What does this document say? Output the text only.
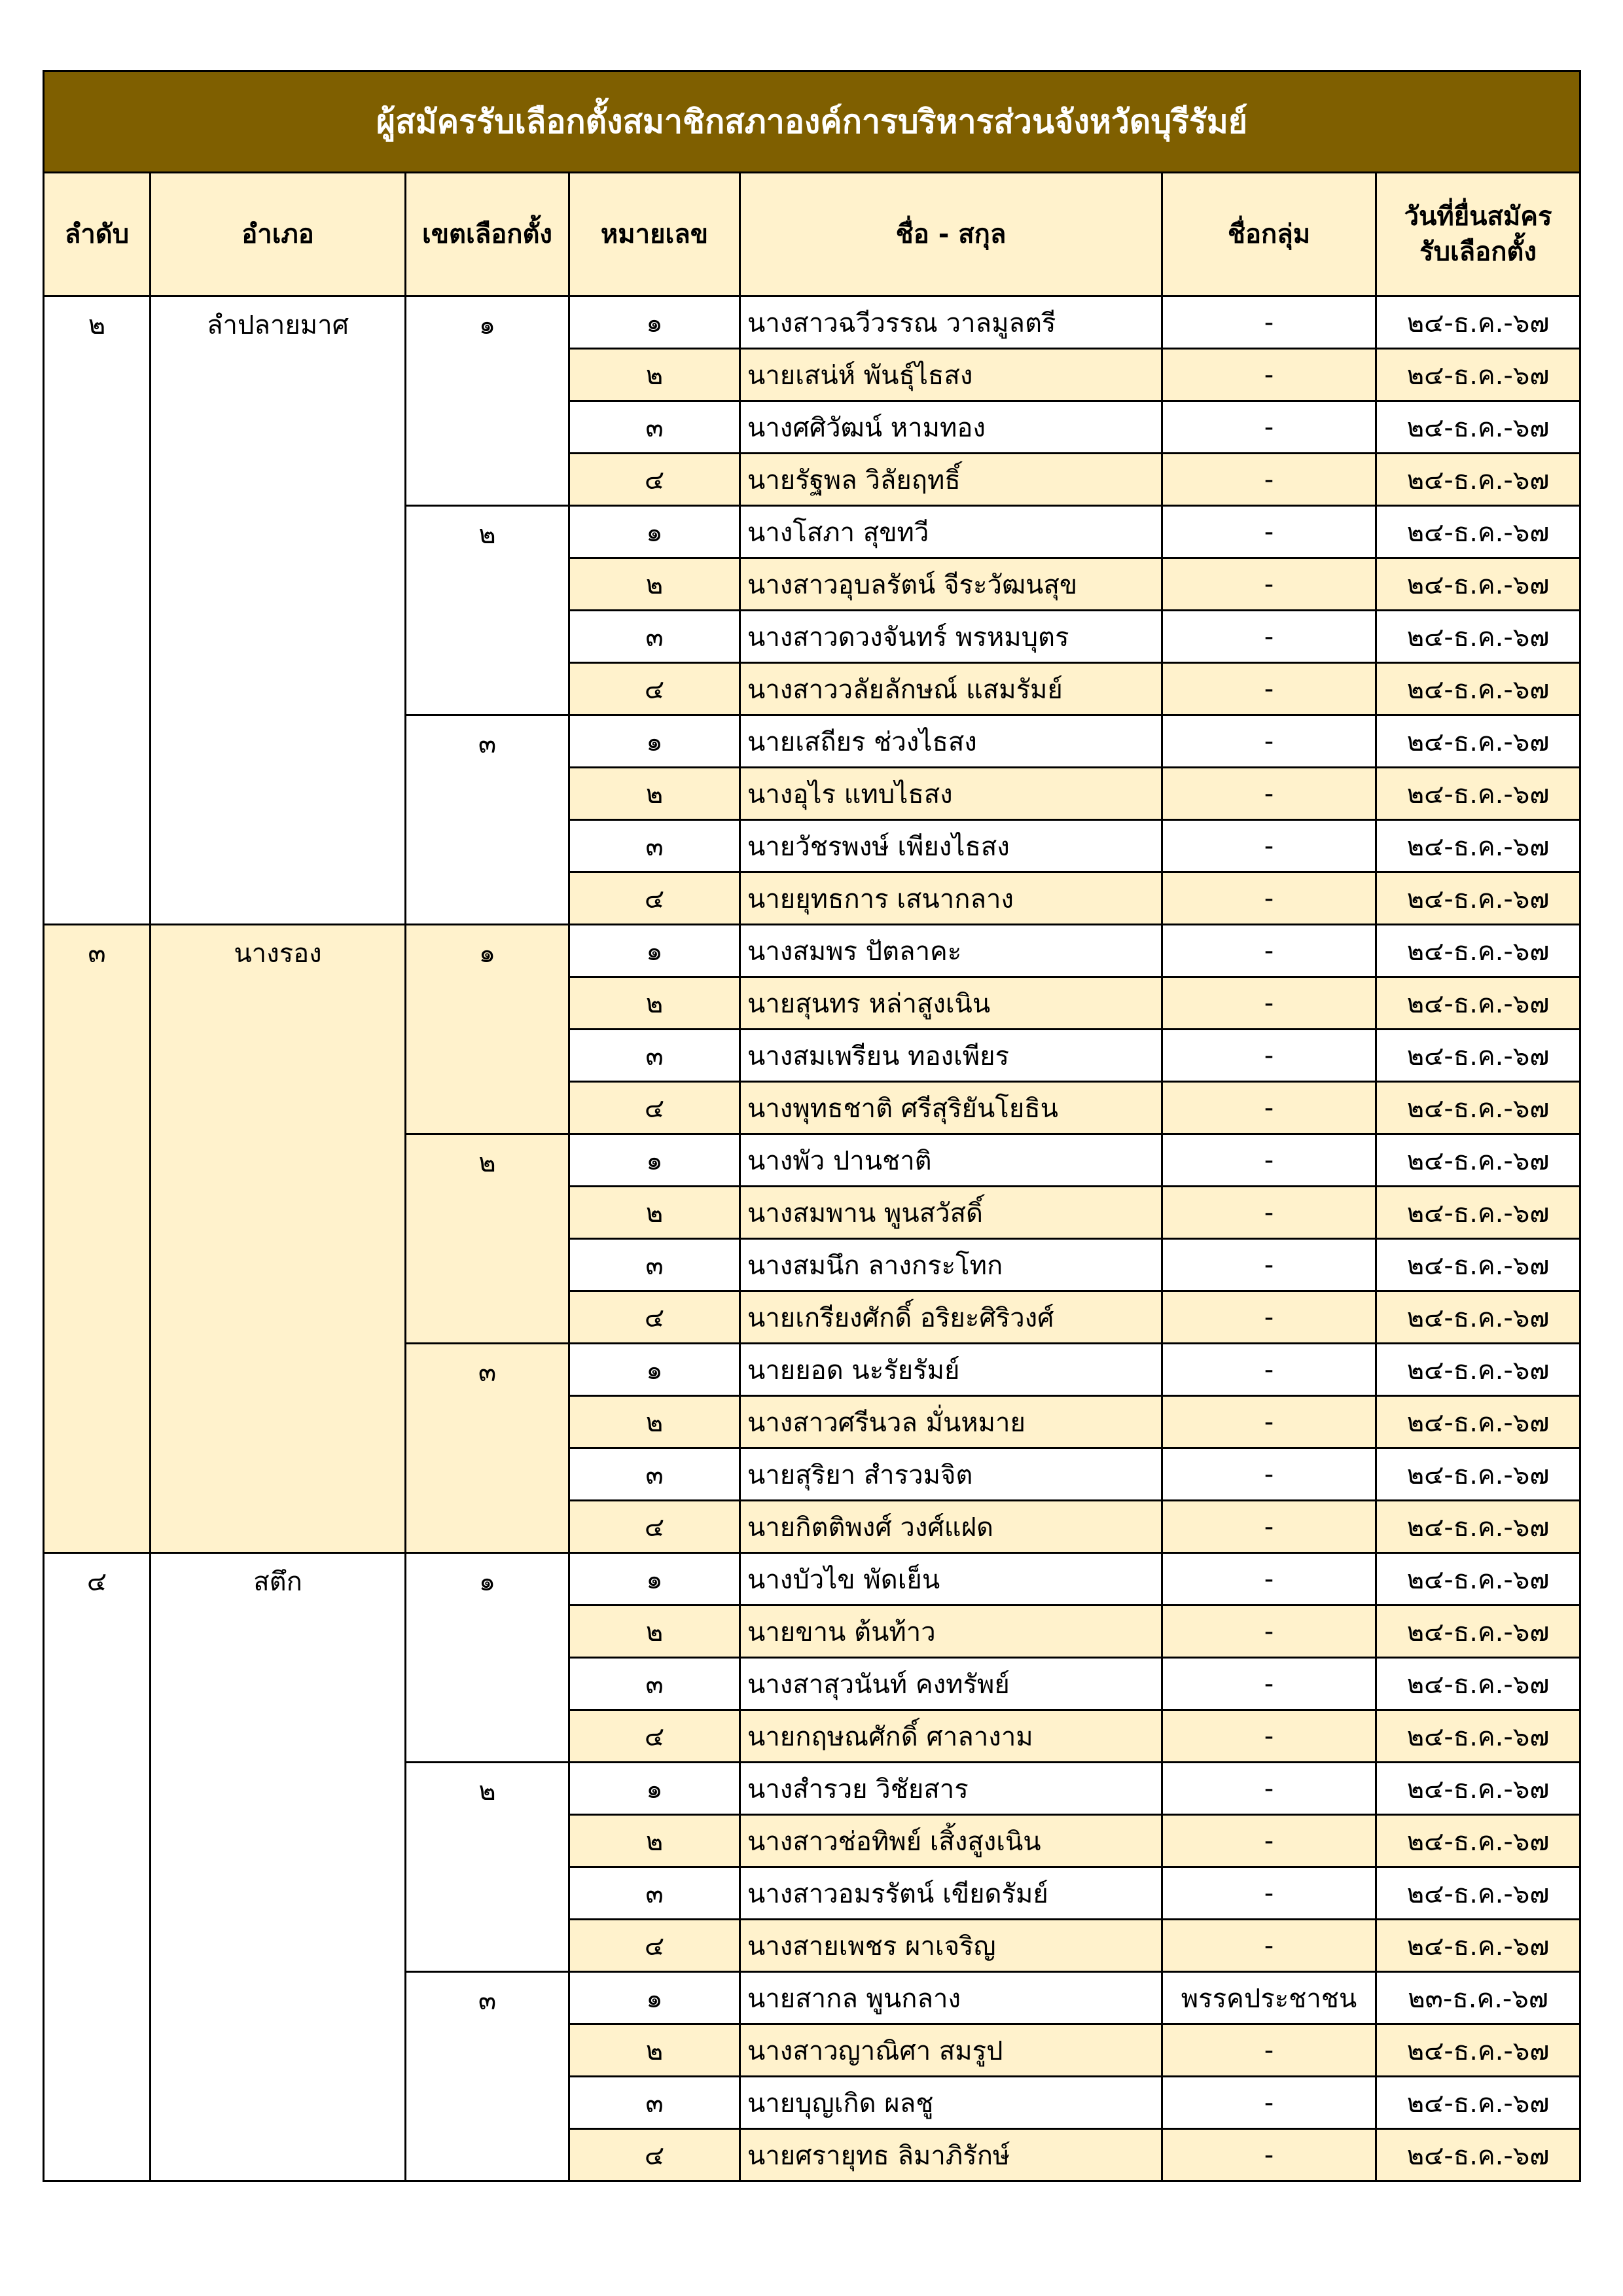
ผู้สมัครรับเลือกตั้งสมาชิกสภาองค์การบริหารส่วนจังหวัดบุรีรัมย์						
ลำดับ	อำเภอ	เขตเลือกตั้ง	หมายเลข	ชื่อ - สกุล	ชื่อกลุ่ม	วันที่ยื่นสมัคร
รับเลือกตั้ง

๒	ลำปลายมาศ	๑	๑	นางสาวฉวีวรรณ วาลมูลตรี	-	๒๔-ธ.ค.-๖๗
			๒	นายเสน่ห์ พันธุ์ไธสง	-	๒๔-ธ.ค.-๖๗
			๓	นางศศิวัฒน์ หามทอง	-	๒๔-ธ.ค.-๖๗
			๔	นายรัฐพล วิลัยฤทธิ์	-	๒๔-ธ.ค.-๖๗
		๒	๑	นางโสภา สุขทวี	-	๒๔-ธ.ค.-๖๗
			๒	นางสาวอุบลรัตน์ จีระวัฒนสุข	-	๒๔-ธ.ค.-๖๗
			๓	นางสาวดวงจันทร์ พรหมบุตร	-	๒๔-ธ.ค.-๖๗
			๔	นางสาววลัยลักษณ์ แสมรัมย์	-	๒๔-ธ.ค.-๖๗
		๓	๑	นายเสถียร ช่วงไธสง	-	๒๔-ธ.ค.-๖๗
			๒	นางอุไร แทบไธสง	-	๒๔-ธ.ค.-๖๗
			๓	นายวัชรพงษ์ เพียงไธสง	-	๒๔-ธ.ค.-๖๗
			๔	นายยุทธการ เสนากลาง	-	๒๔-ธ.ค.-๖๗
๓	นางรอง	๑	๑	นางสมพร ปัตลาคะ	-	๒๔-ธ.ค.-๖๗
			๒	นายสุนทร หล่าสูงเนิน	-	๒๔-ธ.ค.-๖๗
			๓	นางสมเพรียน ทองเพียร	-	๒๔-ธ.ค.-๖๗
			๔	นางพุทธชาติ ศรีสุริยันโยธิน	-	๒๔-ธ.ค.-๖๗
		๒	๑	นางพัว ปานชาติ	-	๒๔-ธ.ค.-๖๗
			๒	นางสมพาน พูนสวัสดิ์	-	๒๔-ธ.ค.-๖๗
			๓	นางสมนึก ลางกระโทก	-	๒๔-ธ.ค.-๖๗
			๔	นายเกรียงศักดิ์ อริยะศิริวงศ์	-	๒๔-ธ.ค.-๖๗
		๓	๑	นายยอด นะรัยรัมย์	-	๒๔-ธ.ค.-๖๗
			๒	นางสาวศรีนวล มั่นหมาย	-	๒๔-ธ.ค.-๖๗
			๓	นายสุริยา สำรวมจิต	-	๒๔-ธ.ค.-๖๗
			๔	นายกิตติพงศ์ วงศ์แฝด	-	๒๔-ธ.ค.-๖๗
๔	สตึก	๑	๑	นางบัวไข พัดเย็น	-	๒๔-ธ.ค.-๖๗
			๒	นายขาน ต้นท้าว	-	๒๔-ธ.ค.-๖๗
			๓	นางสาสุวนันท์ คงทรัพย์	-	๒๔-ธ.ค.-๖๗
			๔	นายกฤษณศักดิ์ ศาลางาม	-	๒๔-ธ.ค.-๖๗
		๒	๑	นางสำรวย วิชัยสาร	-	๒๔-ธ.ค.-๖๗
			๒	นางสาวช่อทิพย์ เสิ้งสูงเนิน	-	๒๔-ธ.ค.-๖๗
			๓	นางสาวอมรรัตน์ เขียดรัมย์	-	๒๔-ธ.ค.-๖๗
			๔	นางสายเพชร ผาเจริญ	-	๒๔-ธ.ค.-๖๗
		๓	๑	นายสากล พูนกลาง	พรรคประชาชน	๒๓-ธ.ค.-๖๗
			๒	นางสาวญาณิศา สมรูป	-	๒๔-ธ.ค.-๖๗
			๓	นายบุญเกิด ผลชู	-	๒๔-ธ.ค.-๖๗
			๔	นายศรายุทธ ลิมาภิรักษ์	-	๒๔-ธ.ค.-๖๗
